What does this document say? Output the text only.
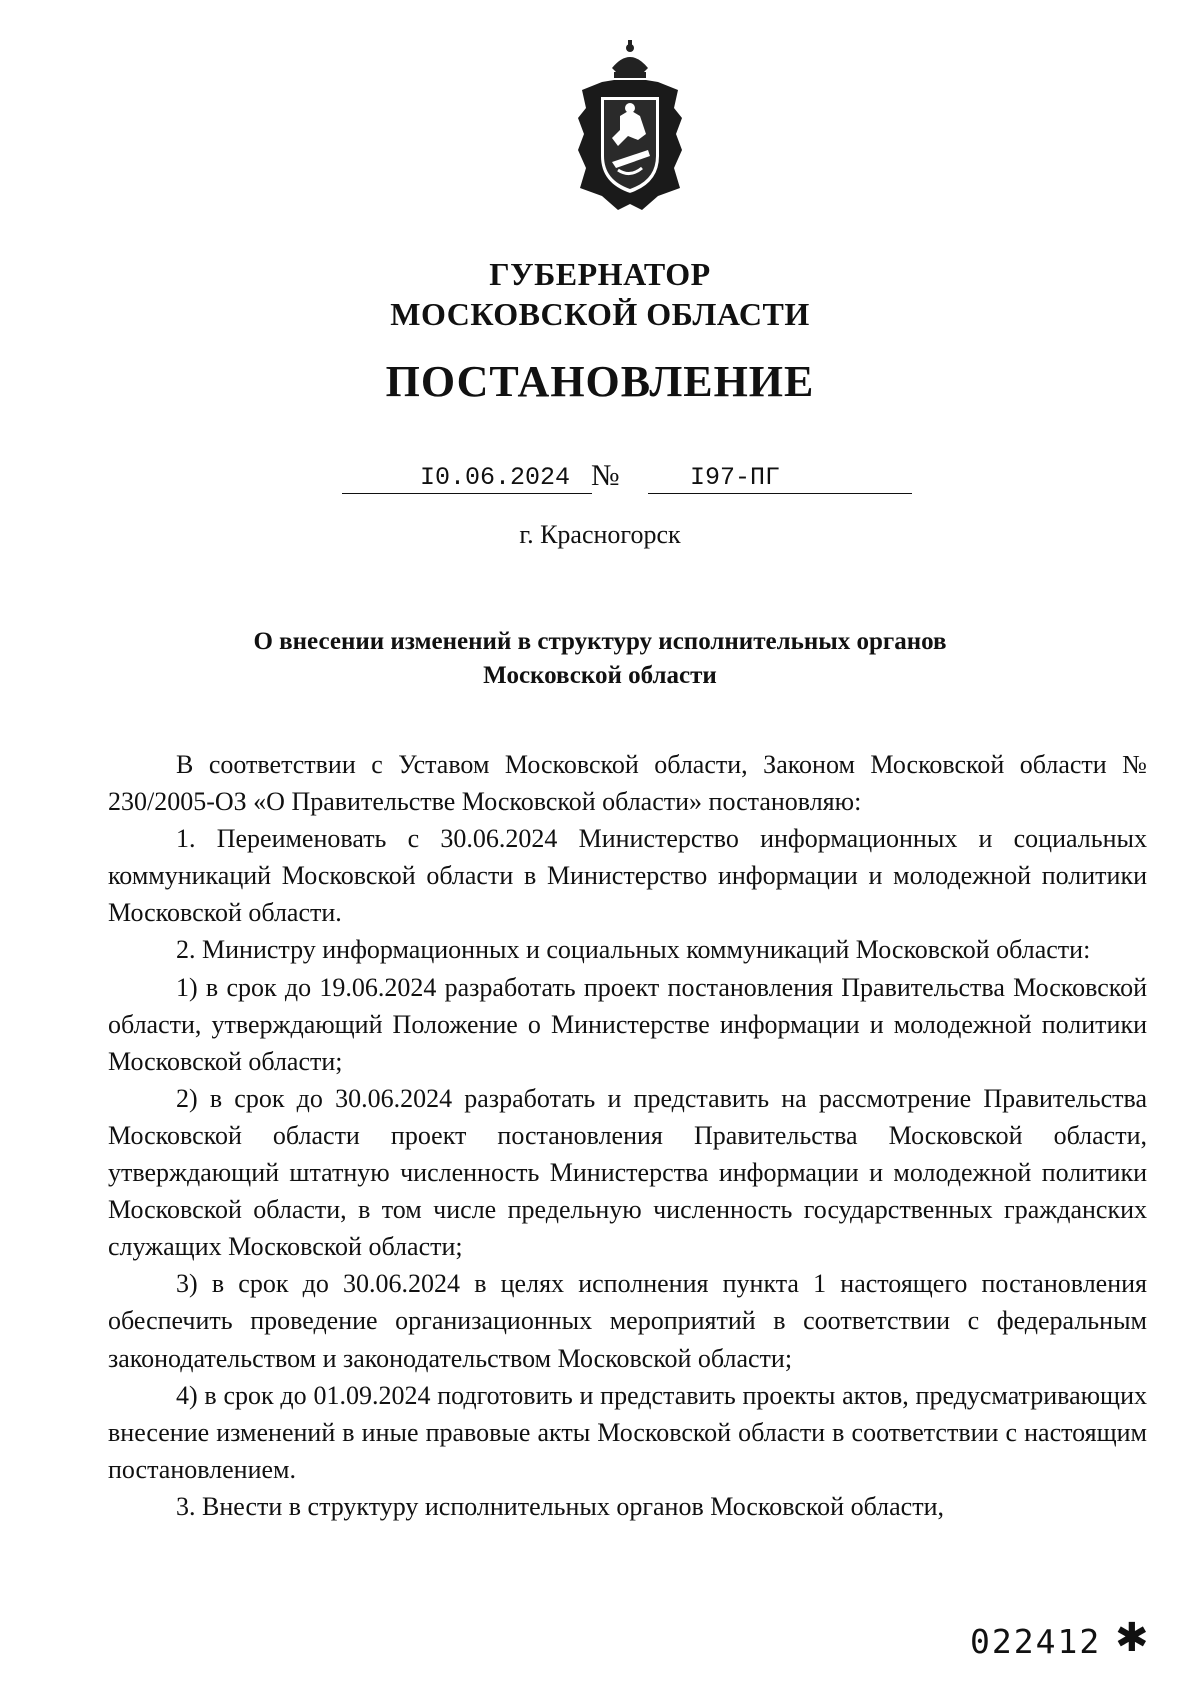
ГУБЕРНАТОР
МОСКОВСКОЙ ОБЛАСТИ
ПОСТАНОВЛЕНИЕ
I0.06.2024 №	I97-ПГ
г. Красногорск
О внесении изменений в структуру исполнительных органов
Московской области

В соответствии с Уставом Московской области, Законом Московской области № 230/2005-ОЗ «О Правительстве Московской области» постановляю:

1. Переименовать с 30.06.2024 Министерство информационных и социальных коммуникаций Московской области в Министерство информации и молодежной политики Московской области.

2. Министру информационных и социальных коммуникаций Московской области:

1) в срок до 19.06.2024 разработать проект постановления Правительства Московской области, утверждающий Положение о Министерстве информации и молодежной политики Московской области;

2) в срок до 30.06.2024 разработать и представить на рассмотрение Правительства Московской области проект постановления Правительства Московской области, утверждающий штатную численность Министерства информации и молодежной политики Московской области, в том числе предельную численность государственных гражданских служащих Московской области;

3) в срок до 30.06.2024 в целях исполнения пункта 1 настоящего постановления обеспечить проведение организационных мероприятий в соответствии с федеральным законодательством и законодательством Московской области;

4) в срок до 01.09.2024 подготовить и представить проекты актов, предусматривающих внесение изменений в иные правовые акты Московской области в соответствии с настоящим постановлением.

3. Внести в структуру исполнительных органов Московской области,

022412 ✱
